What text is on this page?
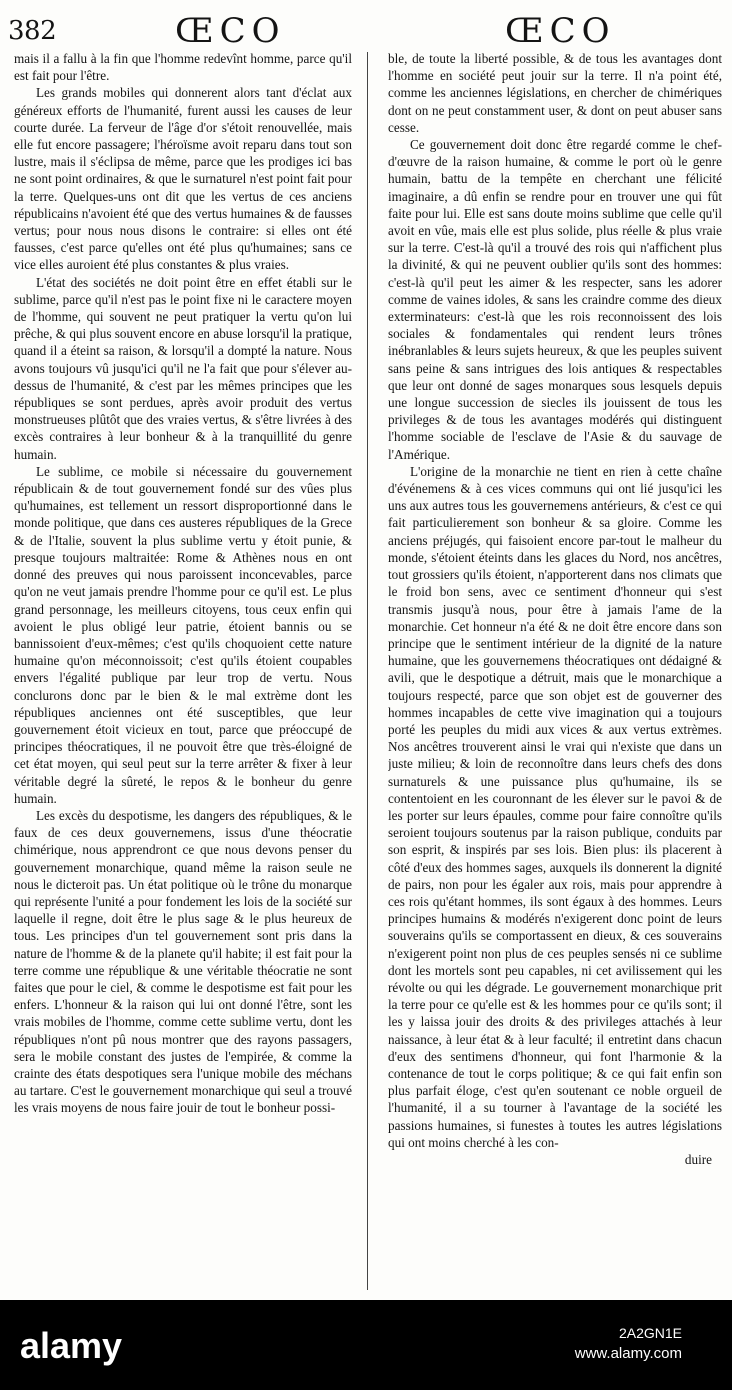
382	ŒCO	ŒCO

mais il a fallu à la fin que l'homme redevînt homme, parce qu'il est fait pour l'être.

Les grands mobiles qui donnerent alors tant d'éclat aux généreux efforts de l'humanité, furent aussi les causes de leur courte durée. La ferveur de l'âge d'or s'étoit renouvellée, mais elle fut encore passagere; l'héroïsme avoit reparu dans tout son lustre, mais il s'éclipsa de même, parce que les prodiges ici bas ne sont point ordinaires, & que le surnaturel n'est point fait pour la terre. Quelques-uns ont dit que les vertus de ces anciens républicains n'avoient été que des vertus humaines & de fausses vertus; pour nous nous disons le contraire: si elles ont été fausses, c'est parce qu'elles ont été plus qu'humaines; sans ce vice elles auroient été plus constantes & plus vraies.

L'état des sociétés ne doit point être en effet établi sur le sublime, parce qu'il n'est pas le point fixe ni le caractere moyen de l'homme, qui souvent ne peut pratiquer la vertu qu'on lui prêche, & qui plus souvent encore en abuse lorsqu'il la pratique, quand il a éteint sa raison, & lorsqu'il a dompté la nature. Nous avons toujours vû jusqu'ici qu'il ne l'a fait que pour s'élever au-dessus de l'humanité, & c'est par les mêmes principes que les républiques se sont perdues, après avoir produit des vertus monstrueuses plûtôt que des vraies vertus, & s'être livrées à des excès contraires à leur bonheur & à la tranquillité du genre humain.

Le sublime, ce mobile si nécessaire du gouvernement républicain & de tout gouvernement fondé sur des vûes plus qu'humaines, est tellement un ressort disproportionné dans le monde politique, que dans ces austeres républiques de la Grece & de l'Italie, souvent la plus sublime vertu y étoit punie, & presque toujours maltraitée: Rome & Athènes nous en ont donné des preuves qui nous paroissent inconcevables, parce qu'on ne veut jamais prendre l'homme pour ce qu'il est. Le plus grand personnage, les meilleurs citoyens, tous ceux enfin qui avoient le plus obligé leur patrie, étoient bannis ou se bannissoient d'eux-mêmes; c'est qu'ils choquoient cette nature humaine qu'on méconnoissoit; c'est qu'ils étoient coupables envers l'égalité publique par leur trop de vertu. Nous conclurons donc par le bien & le mal extrème dont les républiques anciennes ont été susceptibles, que leur gouvernement étoit vicieux en tout, parce que préoccupé de principes théocratiques, il ne pouvoit être que très-éloigné de cet état moyen, qui seul peut sur la terre arrêter & fixer à leur véritable degré la sûreté, le repos & le bonheur du genre humain.

Les excès du despotisme, les dangers des républiques, & le faux de ces deux gouvernemens, issus d'une théocratie chimérique, nous apprendront ce que nous devons penser du gouvernement monarchique, quand même la raison seule ne nous le dicteroit pas. Un état politique où le trône du monarque qui représente l'unité a pour fondement les lois de la société sur laquelle il regne, doit être le plus sage & le plus heureux de tous. Les principes d'un tel gouvernement sont pris dans la nature de l'homme & de la planete qu'il habite; il est fait pour la terre comme une république & une véritable théocratie ne sont faites que pour le ciel, & comme le despotisme est fait pour les enfers. L'honneur & la raison qui lui ont donné l'être, sont les vrais mobiles de l'homme, comme cette sublime vertu, dont les républiques n'ont pû nous montrer que des rayons passagers, sera le mobile constant des justes de l'empirée, & comme la crainte des états despotiques sera l'unique mobile des méchans au tartare. C'est le gouvernement monarchique qui seul a trouvé les vrais moyens de nous faire jouir de tout le bonheur possi-

ble, de toute la liberté possible, & de tous les avantages dont l'homme en société peut jouir sur la terre. Il n'a point été, comme les anciennes législations, en chercher de chimériques dont on ne peut constamment user, & dont on peut abuser sans cesse.

Ce gouvernement doit donc être regardé comme le chef-d'œuvre de la raison humaine, & comme le port où le genre humain, battu de la tempête en cherchant une félicité imaginaire, a dû enfin se rendre pour en trouver une qui fût faite pour lui. Elle est sans doute moins sublime que celle qu'il avoit en vûe, mais elle est plus solide, plus réelle & plus vraie sur la terre. C'est-là qu'il a trouvé des rois qui n'affichent plus la divinité, & qui ne peuvent oublier qu'ils sont des hommes: c'est-là qu'il peut les aimer & les respecter, sans les adorer comme de vaines idoles, & sans les craindre comme des dieux exterminateurs: c'est-là que les rois reconnoissent des lois sociales & fondamentales qui rendent leurs trônes inébranlables & leurs sujets heureux, & que les peuples suivent sans peine & sans intrigues des lois antiques & respectables que leur ont donné de sages monarques sous lesquels depuis une longue succession de siecles ils jouissent de tous les privileges & de tous les avantages modérés qui distinguent l'homme sociable de l'esclave de l'Asie & du sauvage de l'Amérique.

L'origine de la monarchie ne tient en rien à cette chaîne d'événemens & à ces vices communs qui ont lié jusqu'ici les uns aux autres tous les gouvernemens antérieurs, & c'est ce qui fait particulierement son bonheur & sa gloire. Comme les anciens préjugés, qui faisoient encore par-tout le malheur du monde, s'étoient éteints dans les glaces du Nord, nos ancêtres, tout grossiers qu'ils étoient, n'apporterent dans nos climats que le froid bon sens, avec ce sentiment d'honneur qui s'est transmis jusqu'à nous, pour être à jamais l'ame de la monarchie. Cet honneur n'a été & ne doit être encore dans son principe que le sentiment intérieur de la dignité de la nature humaine, que les gouvernemens théocratiques ont dédaigné & avili, que le despotique a détruit, mais que le monarchique a toujours respecté, parce que son objet est de gouverner des hommes incapables de cette vive imagination qui a toujours porté les peuples du midi aux vices & aux vertus extrèmes. Nos ancêtres trouverent ainsi le vrai qui n'existe que dans un juste milieu; & loin de reconnoître dans leurs chefs des dons surnaturels & une puissance plus qu'humaine, ils se contentoient en les couronnant de les élever sur le pavoi & de les porter sur leurs épaules, comme pour faire connoître qu'ils seroient toujours soutenus par la raison publique, conduits par son esprit, & inspirés par ses lois. Bien plus: ils placerent à côté d'eux des hommes sages, auxquels ils donnerent la dignité de pairs, non pour les égaler aux rois, mais pour apprendre à ces rois qu'étant hommes, ils sont égaux à des hommes. Leurs principes humains & modérés n'exigerent donc point de leurs souverains qu'ils se comportassent en dieux, & ces souverains n'exigerent point non plus de ces peuples sensés ni ce sublime dont les mortels sont peu capables, ni cet avilissement qui les révolte ou qui les dégrade. Le gouvernement monarchique prit la terre pour ce qu'elle est & les hommes pour ce qu'ils sont; il les y laissa jouir des droits & des privileges attachés à leur naissance, à leur état & à leur faculté; il entretint dans chacun d'eux des sentimens d'honneur, qui font l'harmonie & la contenance de tout le corps politique; & ce qui fait enfin son plus parfait éloge, c'est qu'en soutenant ce noble orgueil de l'humanité, il a su tourner à l'avantage de la société les passions humaines, si funestes à toutes les autres législations qui ont moins cherché à les con-

duire

alamy	2A2GN1E
www.alamy.com
